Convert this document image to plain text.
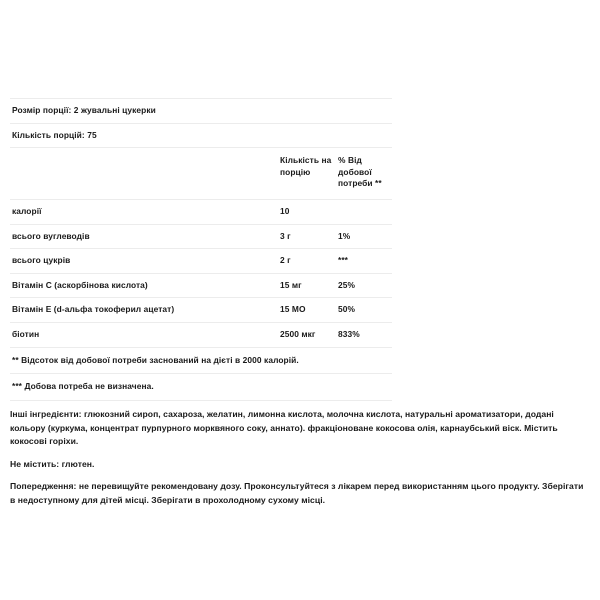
Розмір порції: 2 жувальні цукерки		
Кількість порцій: 75		
	Кількість на порцію	% Від добової потреби **
калорії	10	
всього вуглеводів	3 г	1%
всього цукрів	2 г	***
Вітамін C (аскорбінова кислота)	15 мг	25%
Вітамін E (d-альфа токоферил ацетат)	15 МО	50%
біотин	2500 мкг	833%
** Відсоток від добової потреби заснований на дієті в 2000 калорій.		
*** Добова потреба не визначена.		

Інші інгредієнти: глюкозний сироп, сахароза, желатин, лимонна кислота, молочна кислота, натуральні ароматизатори, додані кольору (куркума, концентрат пурпурного морквяного соку, аннато). фракціоноване кокосова олія, карнаубський віск. Містить кокосові горіхи.

Не містить: глютен.

Попередження: не перевищуйте рекомендовану дозу. Проконсультуйтеся з лікарем перед використанням цього продукту. Зберігати в недоступному для дітей місці. Зберігати в прохолодному сухому місці.
